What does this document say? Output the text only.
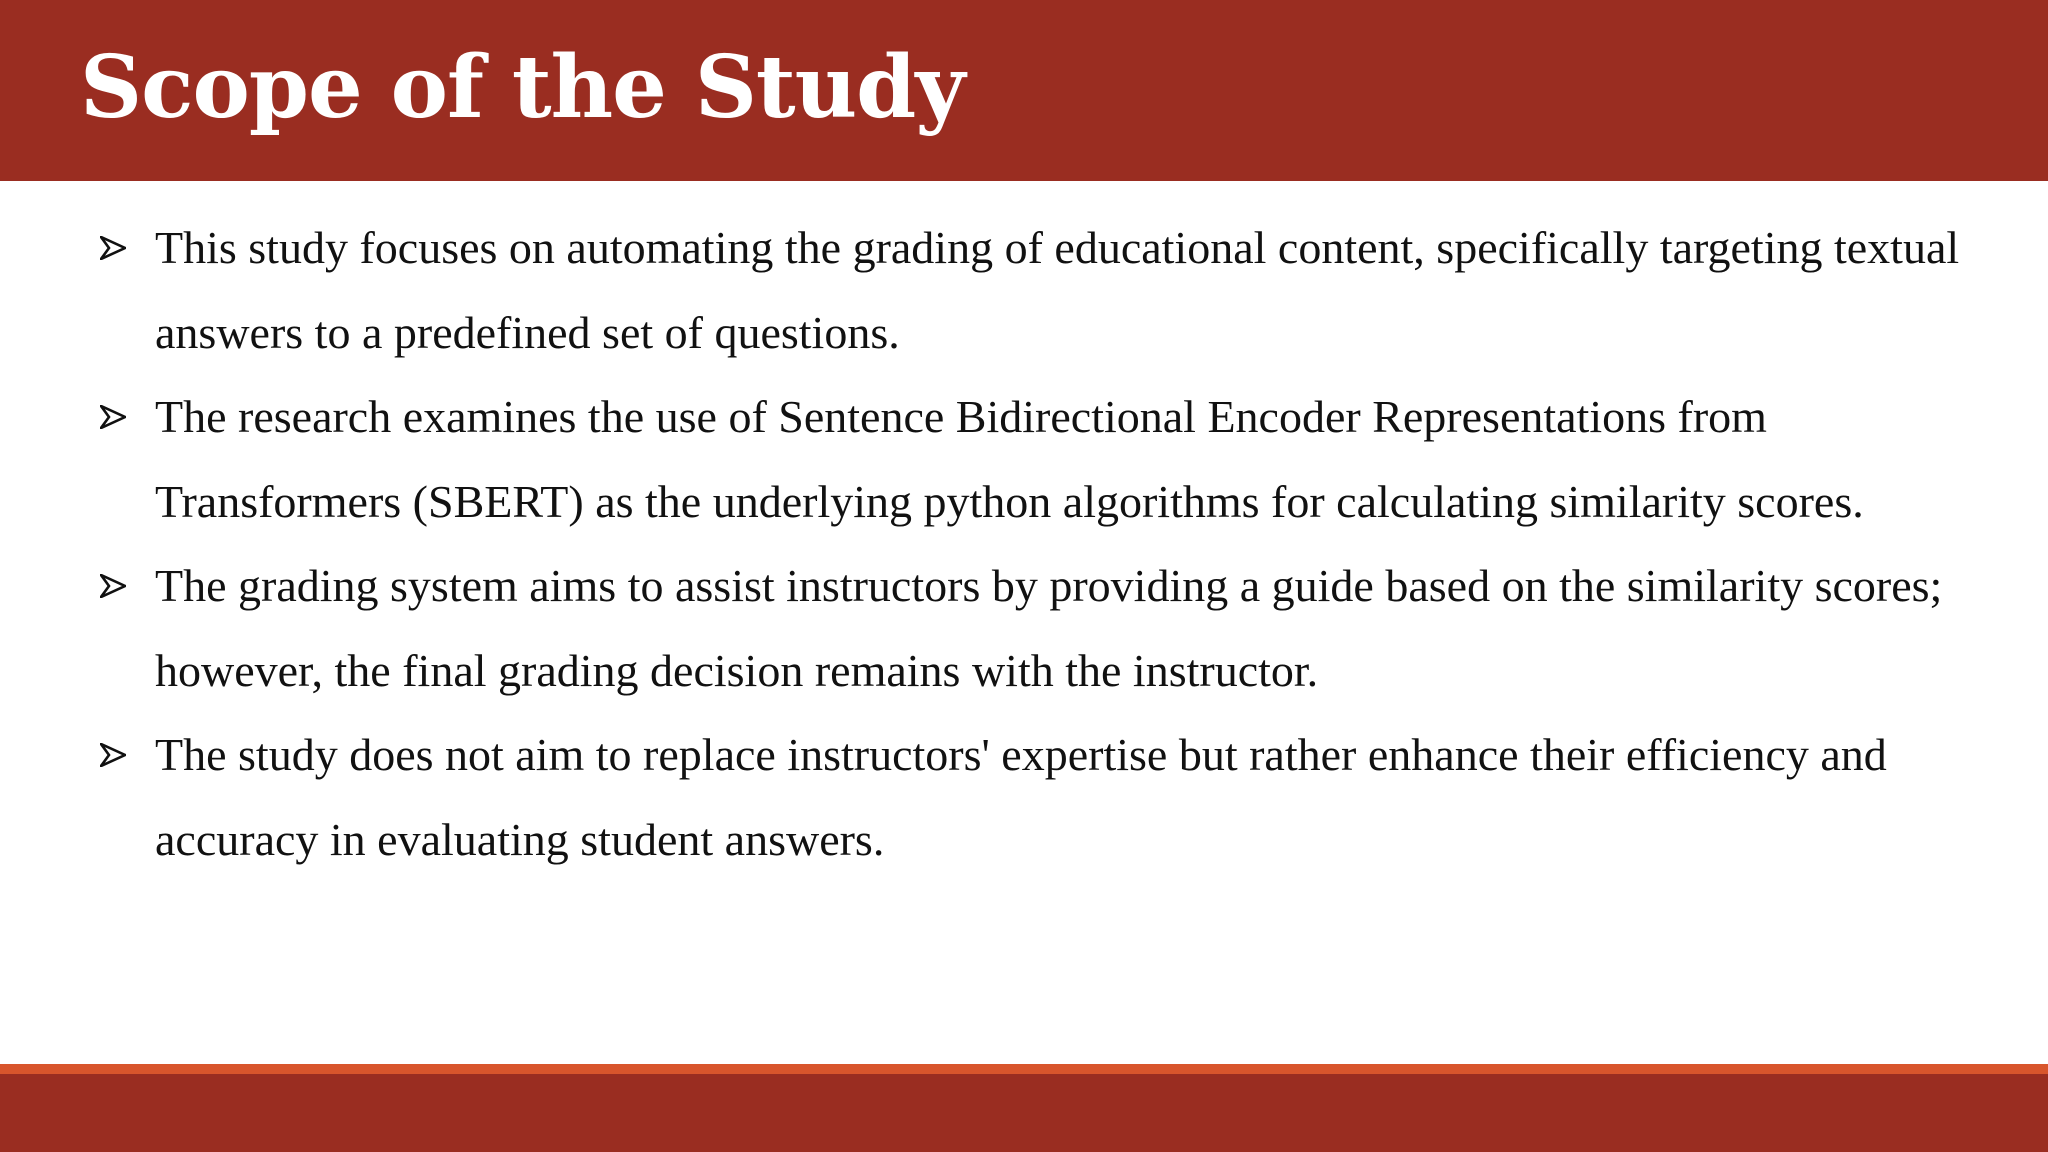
Scope of the Study
This study focuses on automating the grading of educational content, specifically targeting textual answers to a predefined set of questions.
The research examines the use of Sentence Bidirectional Encoder Representations from Transformers (SBERT) as the underlying python algorithms for calculating similarity scores.
The grading system aims to assist instructors by providing a guide based on the similarity scores; however, the final grading decision remains with the instructor.
The study does not aim to replace instructors' expertise but rather enhance their efficiency and accuracy in evaluating student answers.
